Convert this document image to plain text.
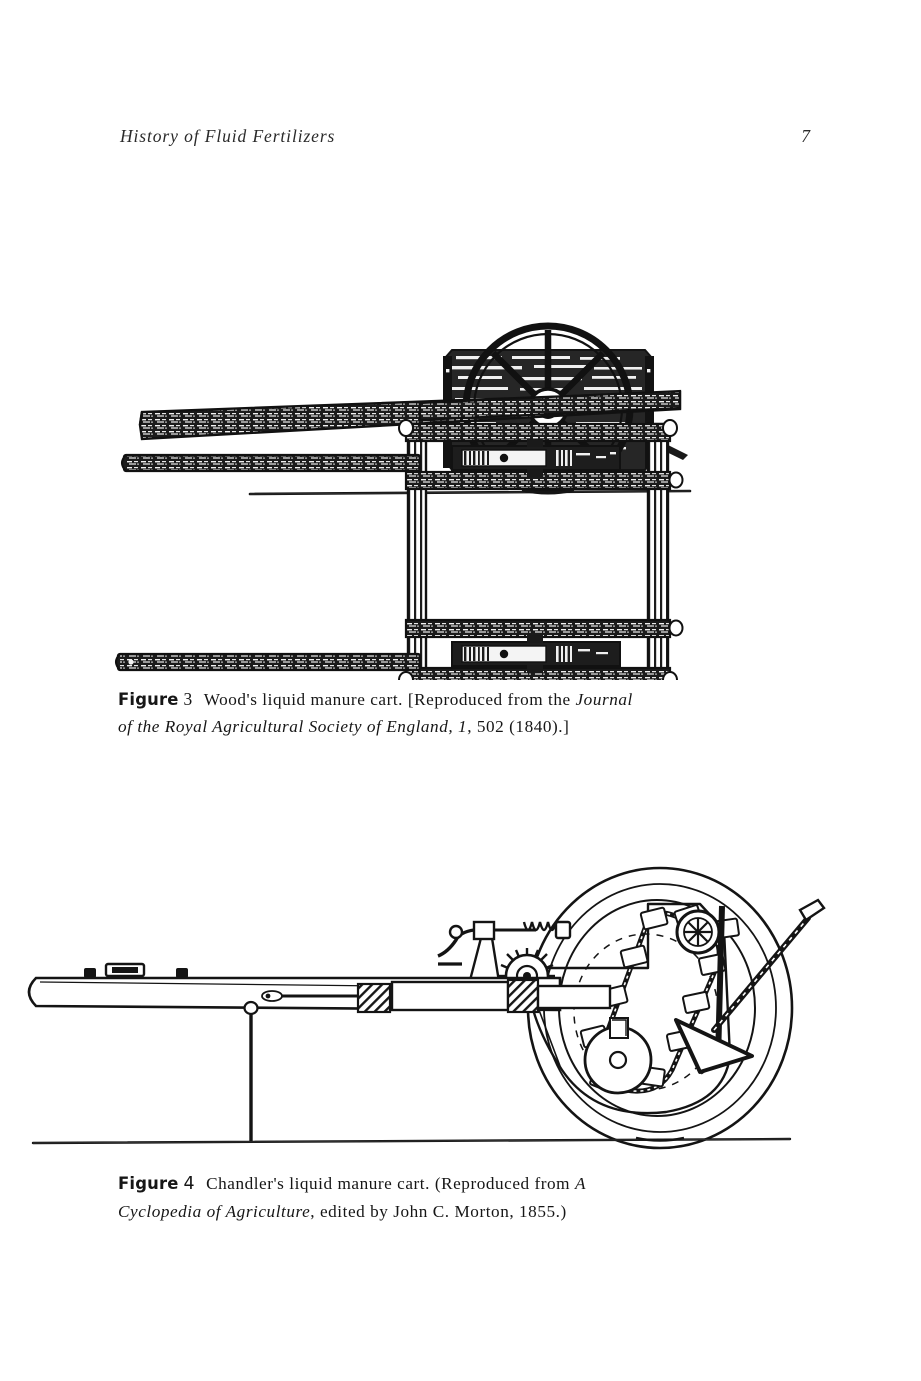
History of Fluid Fertilizers	7
Figure 3 Wood's liquid manure cart. [Reproduced from the Journal
of the Royal Agricultural Society of England, 1, 502 (1840).]
Figure 4 Chandler's liquid manure cart. (Reproduced from A
Cyclopedia of Agriculture, edited by John C. Morton, 1855.)
